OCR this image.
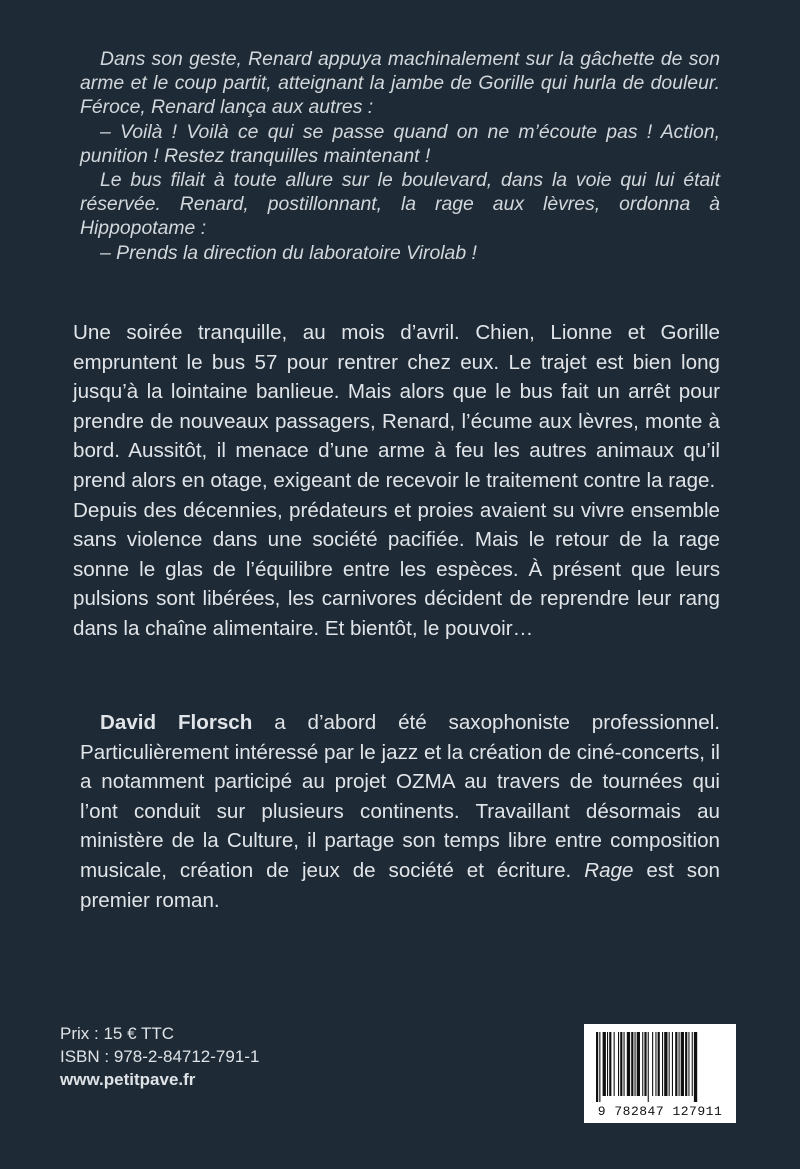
Dans son geste, Renard appuya machinalement sur la gâchette de son arme et le coup partit, atteignant la jambe de Gorille qui hurla de douleur. Féroce, Renard lança aux autres :

– Voilà ! Voilà ce qui se passe quand on ne m’écoute pas ! Action, punition ! Restez tranquilles maintenant !

Le bus filait à toute allure sur le boulevard, dans la voie qui lui était réservée. Renard, postillonnant, la rage aux lèvres, ordonna à Hippopotame :

– Prends la direction du laboratoire Virolab !

Une soirée tranquille, au mois d’avril. Chien, Lionne et Gorille empruntent le bus 57 pour rentrer chez eux. Le trajet est bien long jusqu’à la lointaine banlieue. Mais alors que le bus fait un arrêt pour prendre de nouveaux passagers, Renard, l’écume aux lèvres, monte à bord. Aussitôt, il menace d’une arme à feu les autres animaux qu’il prend alors en otage, exigeant de recevoir le traitement contre la rage.

Depuis des décennies, prédateurs et proies avaient su vivre ensemble sans violence dans une société pacifiée. Mais le retour de la rage sonne le glas de l’équilibre entre les espèces. À présent que leurs pulsions sont libérées, les carnivores décident de reprendre leur rang dans la chaîne alimentaire. Et bientôt, le pouvoir…

David Florsch a d’abord été saxophoniste professionnel. Particulièrement intéressé par le jazz et la création de ciné-concerts, il a notamment participé au projet OZMA au travers de tournées qui l’ont conduit sur plusieurs continents. Travaillant désormais au ministère de la Culture, il partage son temps libre entre composition musicale, création de jeux de société et écriture. Rage est son premier roman.

Prix : 15 € TTC
ISBN : 978-2-84712-791-1
www.petitpave.fr
9 782847 127911
